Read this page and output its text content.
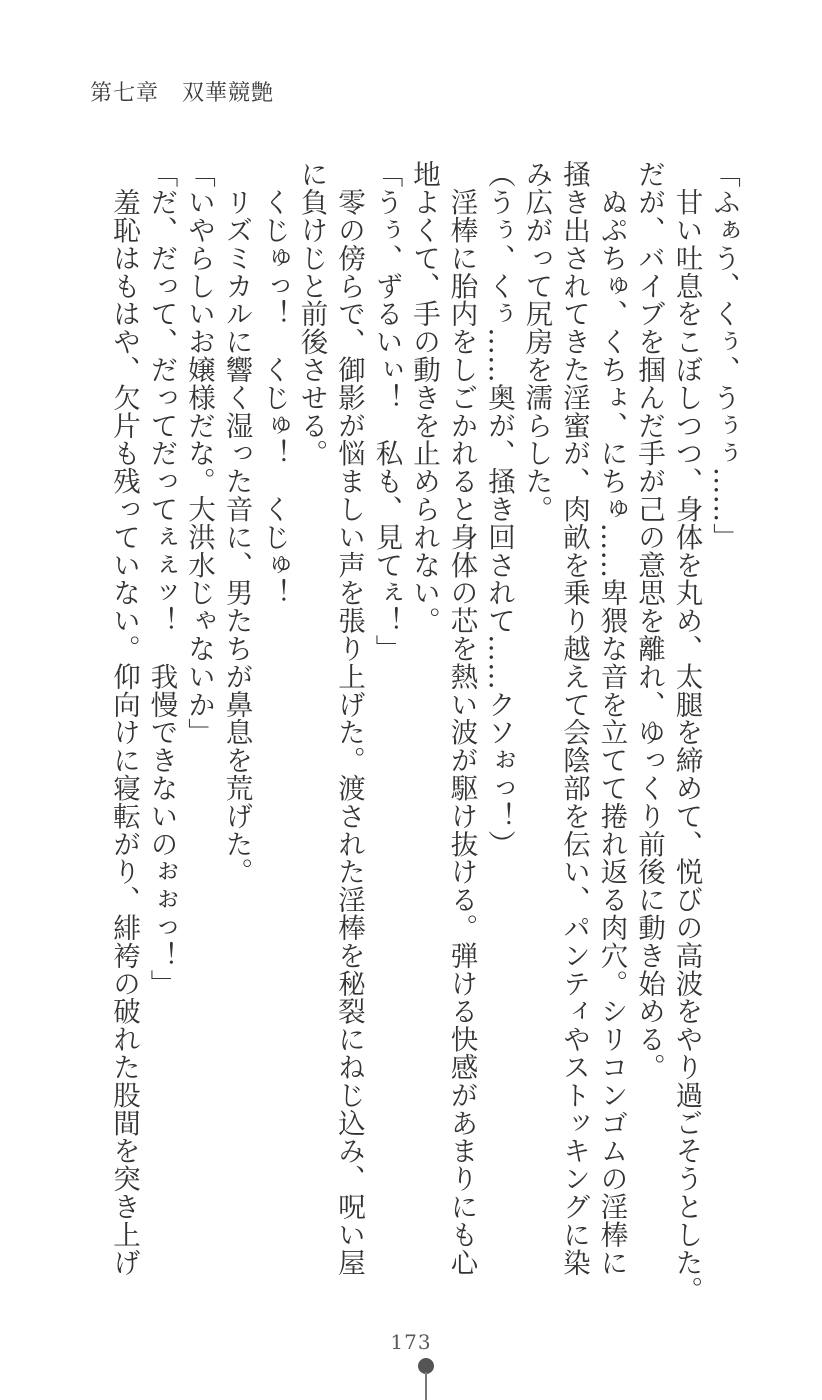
第七章　双華競艶

「ふぁう、くぅ、うぅぅ……」

　甘い吐息をこぼしつつ、身体を丸め、太腿を締めて、悦びの高波をやり過ごそうとした。

だが、バイブを掴んだ手が己の意思を離れ、ゆっくり前後に動き始める。

　ぬぷちゅ、くちょ、にちゅ……卑猥な音を立てて捲れ返る肉穴。シリコンゴムの淫棒に

掻き出されてきた淫蜜が、肉畝を乗り越えて会陰部を伝い、パンティやストッキングに染

み広がって尻房を濡らした。

（うぅ、くぅ……奥が、掻き回されて……クソぉっ！）

　淫棒に胎内をしごかれると身体の芯を熱い波が駆け抜ける。弾ける快感があまりにも心

地よくて、手の動きを止められない。

「うぅ、ずるいぃ！　私も、見てぇ！」

　零の傍らで、御影が悩ましい声を張り上げた。渡された淫棒を秘裂にねじ込み、呪い屋

に負けじと前後させる。

　くじゅっ！　くじゅ！　くじゅ！

　リズミカルに響く湿った音に、男たちが鼻息を荒げた。

「いやらしいお嬢様だな。大洪水じゃないか」

「だ、だって、だってだってぇぇッ！　我慢できないのぉぉっ！」

　羞恥はもはや、欠片も残っていない。仰向けに寝転がり、緋袴の破れた股間を突き上げ

173
